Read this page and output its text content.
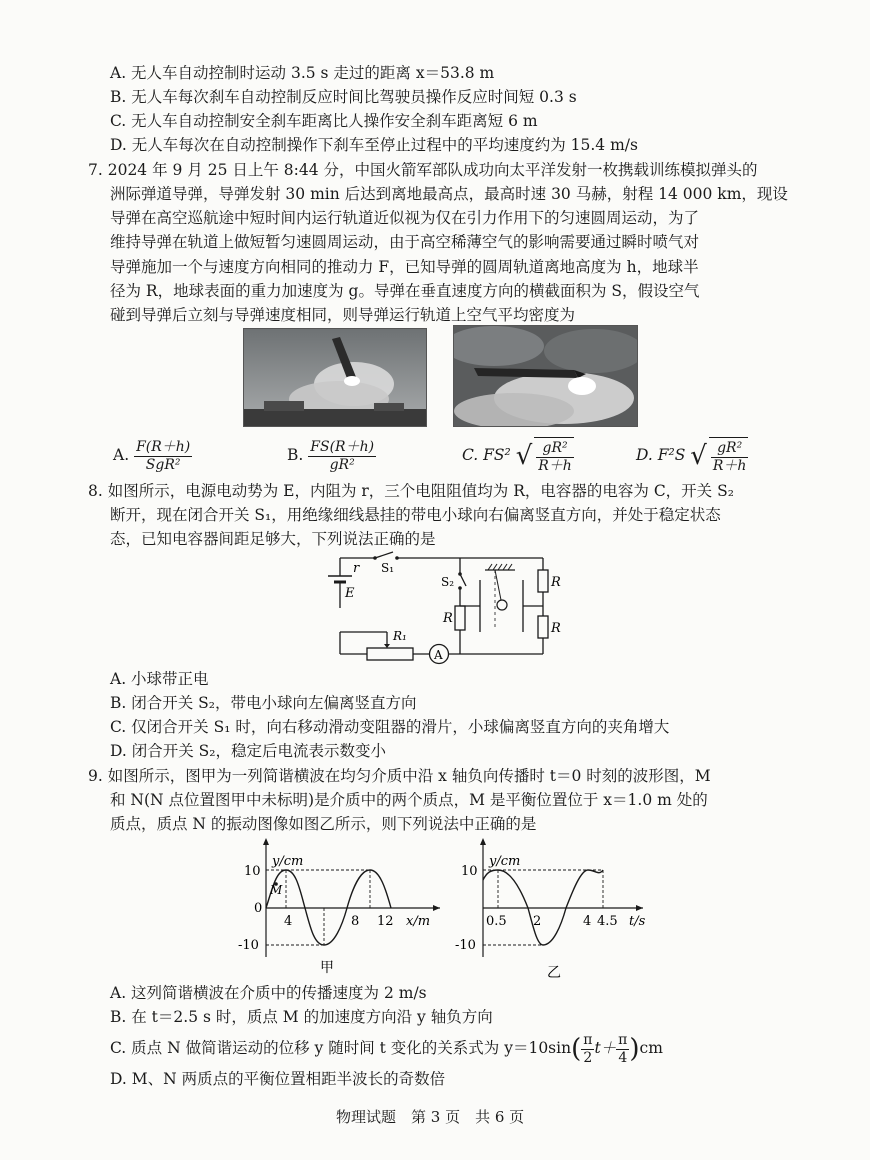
A. 无人车自动控制时运动 3.5 s 走过的距离 x＝53.8 m
B. 无人车每次刹车自动控制反应时间比驾驶员操作反应时间短 0.3 s
C. 无人车自动控制安全刹车距离比人操作安全刹车距离短 6 m
D. 无人车每次在自动控制操作下刹车至停止过程中的平均速度约为 15.4 m/s
7. 2024 年 9 月 25 日上午 8:44 分，中国火箭军部队成功向太平洋发射一枚携载训练模拟弹头的
洲际弹道导弹，导弹发射 30 min 后达到离地最高点，最高时速 30 马赫，射程 14 000 km，现设
导弹在高空巡航途中短时间内运行轨道近似视为仅在引力作用下的匀速圆周运动，为了
维持导弹在轨道上做短暂匀速圆周运动，由于高空稀薄空气的影响需要通过瞬时喷气对
导弹施加一个与速度方向相同的推动力 F，已知导弹的圆周轨道离地高度为 h，地球半
径为 R，地球表面的重力加速度为 g。导弹在垂直速度方向的横截面积为 S，假设空气
碰到导弹后立刻与导弹速度相同，则导弹运行轨道上空气平均密度为
A. $\frac{F(R+h)}{\text{SgR²}}$	B. $\frac{FS(R+h)}{\text{gR²}}$	C. FS² √ $\frac{\text{gR²}}{R+h}$	D. F²S √ $\frac{\text{gR²}}{R+h}$
8. 如图所示，电源电动势为 E，内阻为 r，三个电阻阻值均为 R，电容器的电容为 C，开关 S₂
断开，现在闭合开关 S₁，用绝缘细线悬挂的带电小球向右偏离竖直方向，并处于稳定状态
态，已知电容器间距足够大，下列说法正确的是
r
E
S₁
S₂
R₁
A
R
R
R
A. 小球带正电
B. 闭合开关 S₂，带电小球向左偏离竖直方向
C. 仅闭合开关 S₁ 时，向右移动滑动变阻器的滑片，小球偏离竖直方向的夹角增大
D. 闭合开关 S₂，稳定后电流表示数变小
9. 如图所示，图甲为一列简谐横波在均匀介质中沿 x 轴负向传播时 t＝0 时刻的波形图，M
和 N(N 点位置图甲中未标明)是介质中的两个质点，M 是平衡位置位于 x＝1.0 m 处的
质点，质点 N 的振动图像如图乙所示，则下列说法中正确的是
y/cm
x/m
10
-10
0
4	8 12
M
甲
y/cm
t/s
10
-10
0.5 2	4 4.5
乙
A. 这列简谐横波在介质中的传播速度为 2 m/s
B. 在 t＝2.5 s 时，质点 M 的加速度方向沿 y 轴负方向
C. 质点 N 做简谐运动的位移 y 随时间 t 变化的关系式为 $y=10\sin( \frac{\pi}{2} t+ \frac{\pi}{4} )cm$
D. M、N 两质点的平衡位置相距半波长的奇数倍
物理试题　第 3 页　共 6 页
